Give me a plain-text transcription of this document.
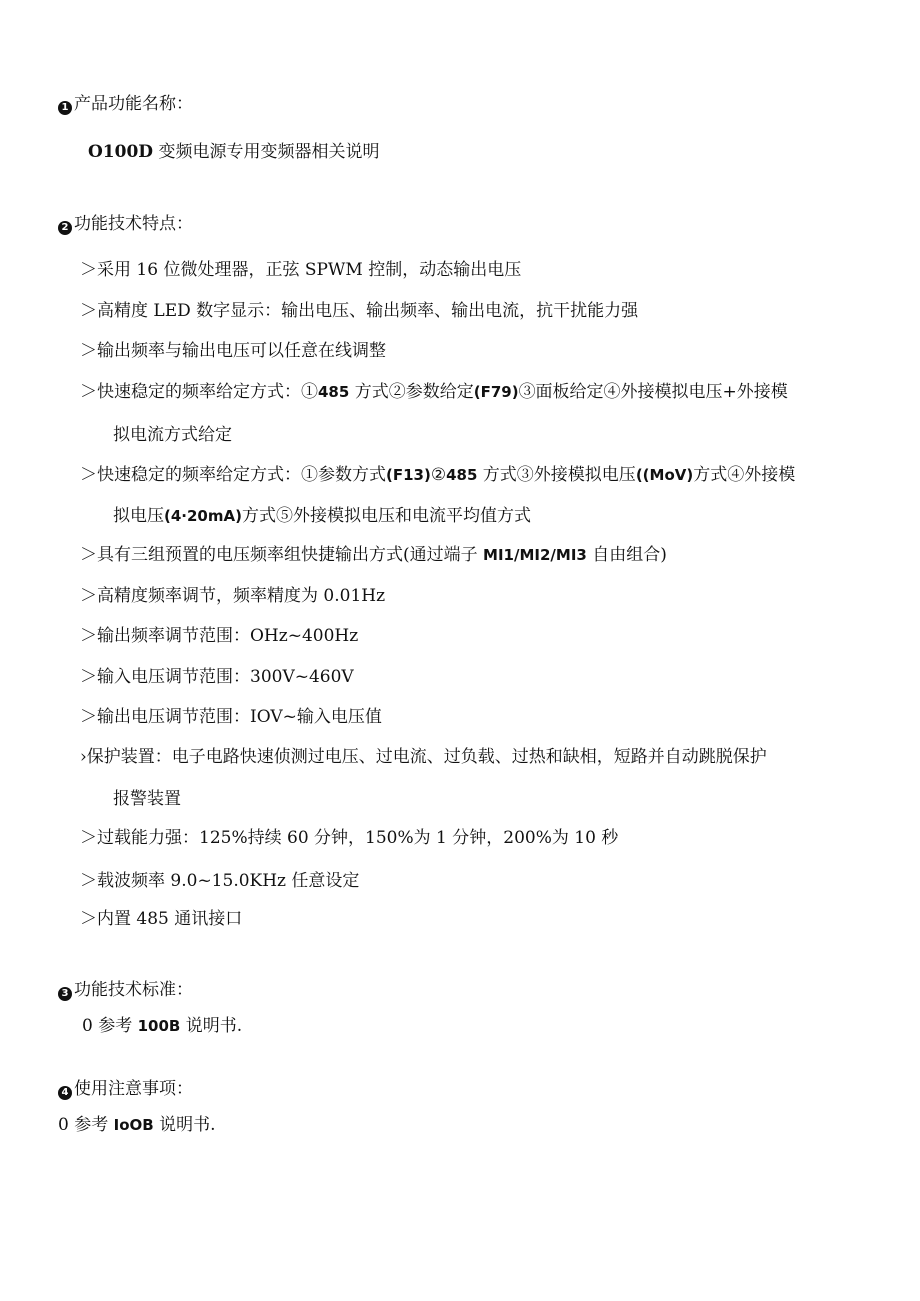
1 产品功能名称：
O100D 变频电源专用变频器相关说明
2 功能技术特点：
＞采用 16 位微处理器，正弦 SPWM 控制，动态输出电压
＞高精度 LED 数字显示：输出电压、输出频率、输出电流，抗干扰能力强
＞输出频率与输出电压可以任意在线调整
＞快速稳定的频率给定方式：①485 方式②参数给定(F79)③面板给定④外接模拟电压+外接模
拟电流方式给定
＞快速稳定的频率给定方式：①参数方式(F13)②485 方式③外接模拟电压((MoV)方式④外接模
拟电压(4·20mA)方式⑤外接模拟电压和电流平均值方式
＞具有三组预置的电压频率组快捷输出方式(通过端子 MI1/MI2/MI3 自由组合)
＞高精度频率调节，频率精度为 0.01Hz
＞输出频率调节范围：OHz~400Hz
＞输入电压调节范围：300V~460V
＞输出电压调节范围：IOV~输入电压值
›保护装置：电子电路快速侦测过电压、过电流、过负载、过热和缺相，短路并自动跳脱保护
报警装置
＞过载能力强：125%持续 60 分钟，150%为 1 分钟，200%为 10 秒
＞载波频率 9.0~15.0KHz 任意设定
＞内置 485 通讯接口
3 功能技术标准：
0 参考 100B 说明书.
4 使用注意事项：
0 参考 IoOB 说明书.
